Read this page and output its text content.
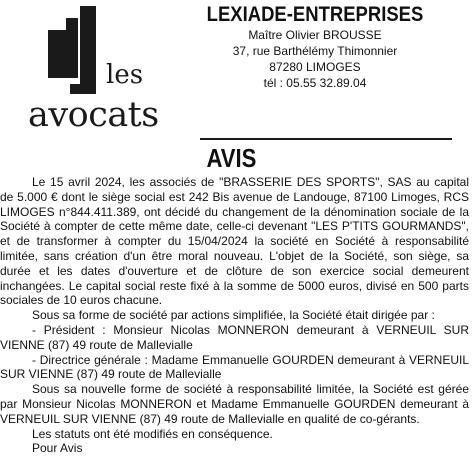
les
avocats
LEXIADE-ENTREPRISES
Maître Olivier BROUSSE
37, rue Barthélémy Thimonnier
87280 LIMOGES
tél : 05.55 32.89.04
AVIS

Le 15 avril 2024, les associés de "BRASSERIE DES SPORTS", SAS au capital de 5.000 € dont le siège social est 242 Bis avenue de Landouge, 87100 Limoges, RCS LIMOGES n°844.411.389, ont décidé du changement de la dénomination sociale de la Société à compter de cette même date, celle-ci devenant "LES P'TITS GOURMANDS", et de transformer à compter du 15/04/2024 la société en Société à responsabilité limitée, sans création d'un être moral nouveau. L'objet de la Société, son siège, sa durée et les dates d'ouverture et de clôture de son exercice social demeurent inchangées. Le capital social reste fixé à la somme de 5000 euros, divisé en 500 parts sociales de 10 euros chacune.

Sous sa forme de société par actions simplifiée, la Société était dirigée par :

- Président : Monsieur Nicolas MONNERON demeurant à VERNEUIL SUR VIENNE (87) 49 route de Mallevialle

- Directrice générale : Madame Emmanuelle GOURDEN demeurant à VERNEUIL SUR VIENNE (87) 49 route de Mallevialle

Sous sa nouvelle forme de société à responsabilité limitée, la Société est gérée par Monsieur Nicolas MONNERON et Madame Emmanuelle GOURDEN demeurant à VERNEUIL SUR VIENNE (87) 49 route de Mallevialle en qualité de co-gérants.

Les statuts ont été modifiés en conséquence.

Pour Avis
